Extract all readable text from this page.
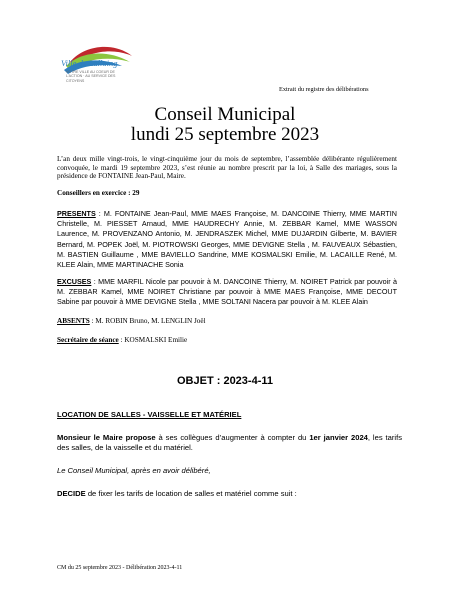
Ville de Lallaing
VOTRE VILLE AU COEUR DE L'ACTION · AU SERVICE DES CITOYENS
Extrait du registre des délibérations
Conseil Municipal
lundi 25 septembre 2023
L’an deux mille vingt-trois, le vingt-cinquième jour du mois de septembre, l’assemblée délibérante régulièrement convoquée, le mardi 19 septembre 2023, s’est réunie au nombre prescrit par la loi, à Salle des mariages, sous la présidence de FONTAINE Jean-Paul, Maire.
Conseillers en exercice : 29
PRESENTS : M. FONTAINE Jean-Paul, MME MAES Françoise, M. DANCOINE Thierry, MME MARTIN Christelle, M. PIESSET Arnaud, MME HAUDRECHY Annie, M. ZEBBAR Kamel, MME WASSON Laurence, M. PROVENZANO Antonio, M. JENDRASZEK Michel, MME DUJARDIN Gilberte, M. BAVIER Bernard, M. POPEK Joël, M. PIOTROWSKI Georges, MME DEVIGNE Stella , M. FAUVEAUX Sébastien, M. BASTIEN Guillaume , MME BAVIELLO Sandrine, MME KOSMALSKI Emilie, M. LACAILLE René, M. KLEE Alain, MME MARTINACHE Sonia
EXCUSES : MME MARFIL Nicole par pouvoir à M. DANCOINE Thierry, M. NOIRET Patrick par pouvoir à M. ZEBBAR Kamel, MME NOIRET Christiane par pouvoir à MME MAES Françoise, MME DECOUT Sabine par pouvoir à MME DEVIGNE Stella , MME SOLTANI Nacera par pouvoir à M. KLEE Alain
ABSENTS : M. ROBIN Bruno, M. LENGLIN Joël
Secrétaire de séance : KOSMALSKI Emilie
OBJET : 2023-4-11
LOCATION DE SALLES - VAISSELLE ET MATÉRIEL
Monsieur le Maire propose à ses collègues d’augmenter à compter du 1er janvier 2024, les tarifs des salles, de la vaisselle et du matériel.
Le Conseil Municipal, après en avoir délibéré,
DECIDE de fixer les tarifs de location de salles et matériel comme suit :
CM du 25 septembre 2023 - Délibération 2023-4-11
